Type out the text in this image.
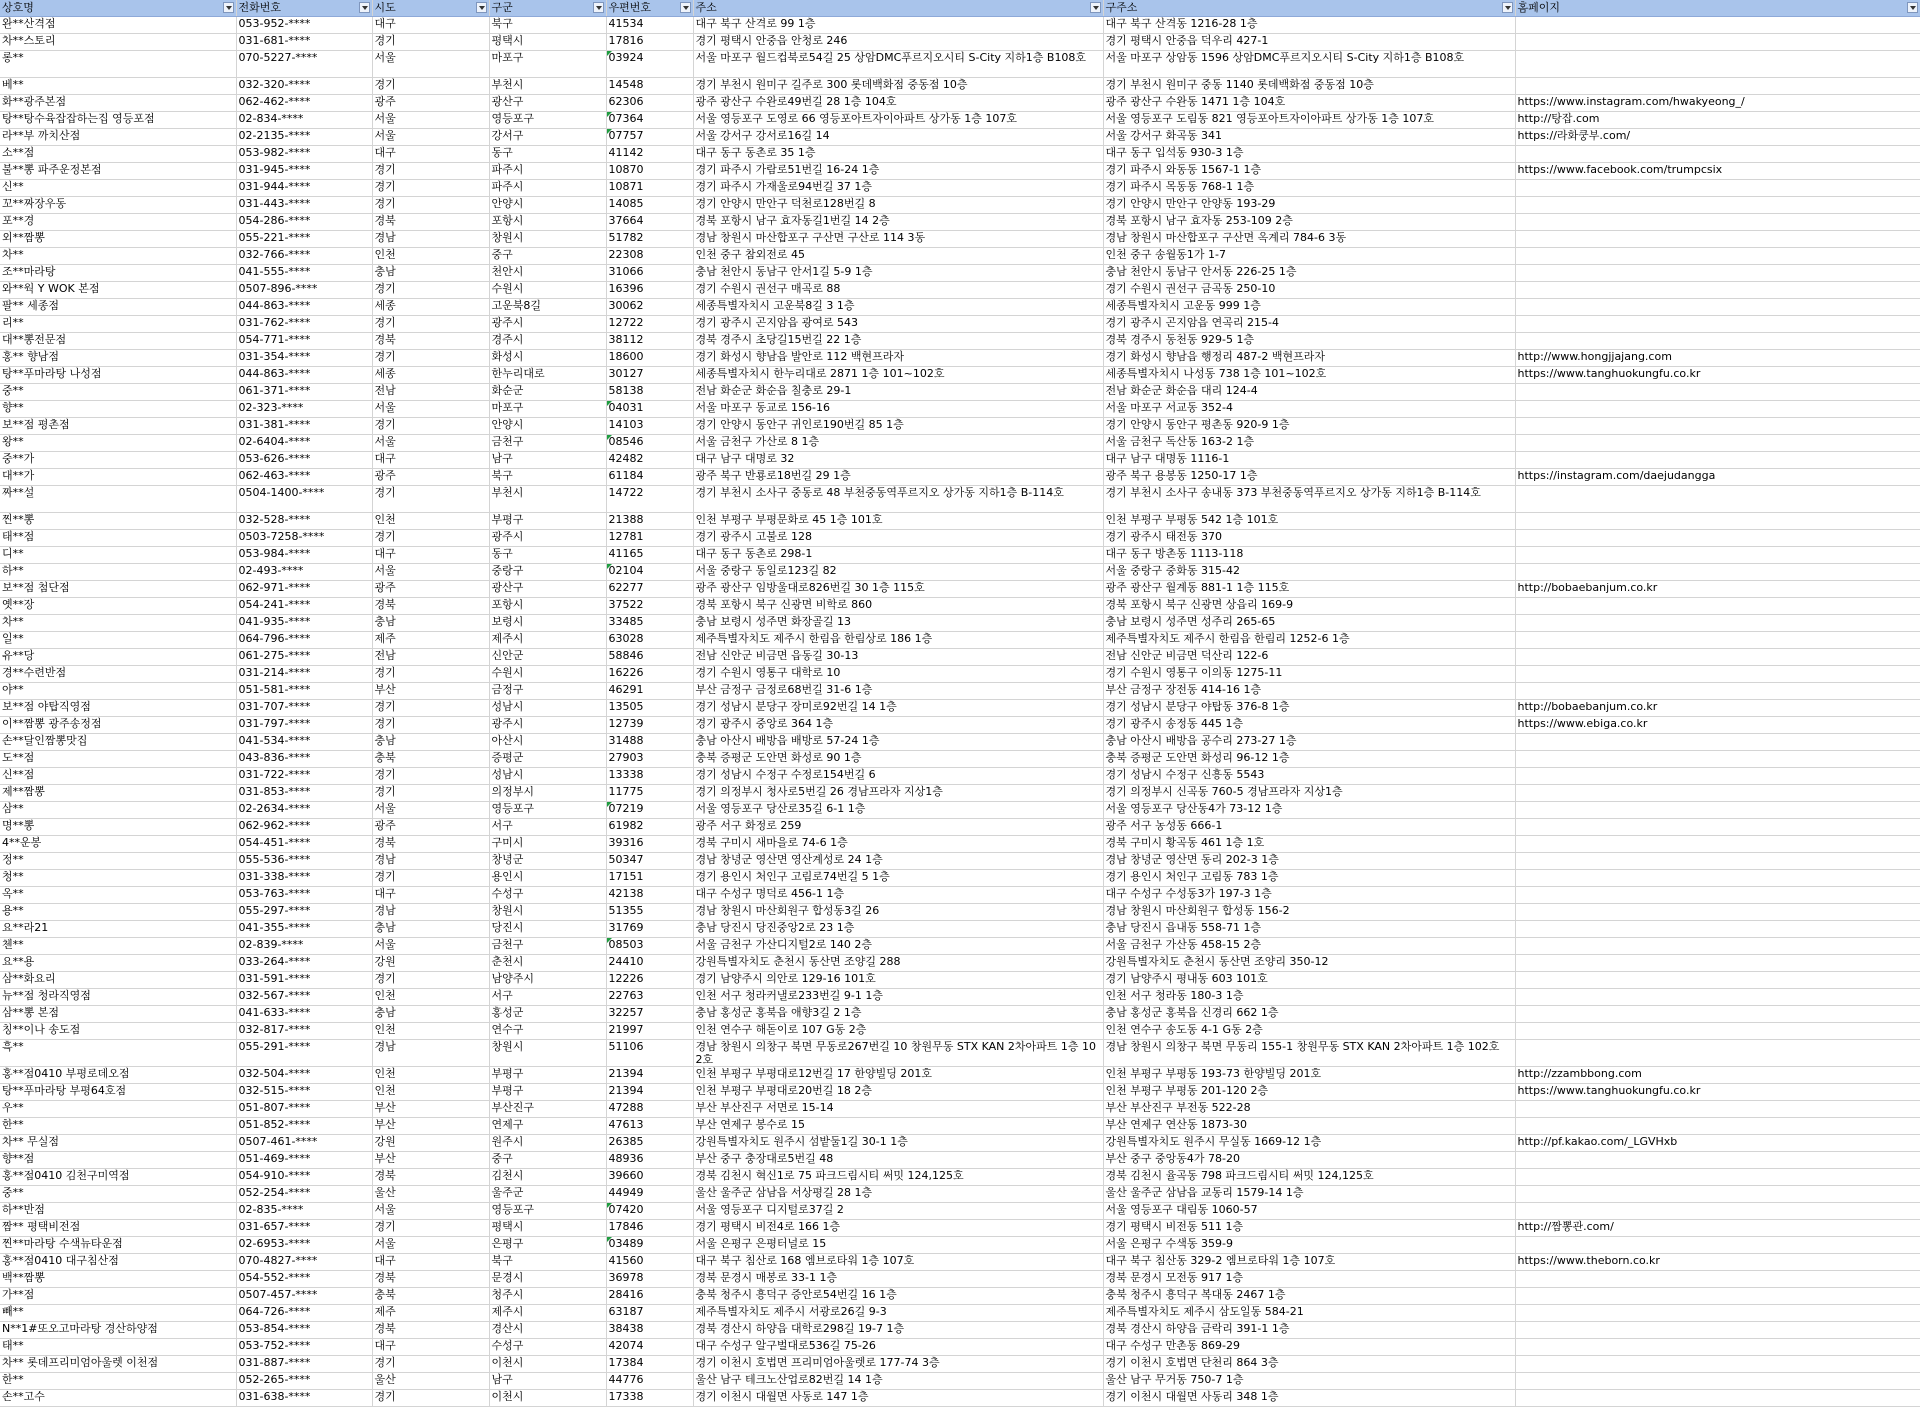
상호명	전화번호	시도	구군	우편번호	주소	구주소	홈페이지

완**산격점	053-952-****	대구	북구	41534	대구 북구 산격로 99 1층	대구 북구 산격동 1216-28 1층	
차**스토리	031-681-****	경기	평택시	17816	경기 평택시 안중읍 안청로 246	경기 평택시 안중읍 덕우리 427-1	
롱**	070-5227-****	서울	마포구	03924	서울 마포구 월드컵북로54길 25 상암DMC푸르지오시티 S-City 지하1층 B108호	서울 마포구 상암동 1596 상암DMC푸르지오시티 S-City 지하1층 B108호	
베**	032-320-****	경기	부천시	14548	경기 부천시 원미구 길주로 300 롯데백화점 중동점 10층	경기 부천시 원미구 중동 1140 롯데백화점 중동점 10층	
화**광주본점	062-462-****	광주	광산구	62306	광주 광산구 수완로49번길 28 1층 104호	광주 광산구 수완동 1471 1층 104호	https://www.instagram.com/hwakyeong_/
탕**탕수육잡잡하는집 영등포점	02-834-****	서울	영등포구	07364	서울 영등포구 도영로 66 영등포아트자이아파트 상가동 1층 107호	서울 영등포구 도림동 821 영등포아트자이아파트 상가동 1층 107호	http://탕잡.com
라**부 까치산점	02-2135-****	서울	강서구	07757	서울 강서구 강서로16길 14	서울 강서구 화곡동 341	https://라화쿵부.com/
소**점	053-982-****	대구	동구	41142	대구 동구 동촌로 35 1층	대구 동구 입석동 930-3 1층	
불**뽕 파주운정본점	031-945-****	경기	파주시	10870	경기 파주시 가람로51번길 16-24 1층	경기 파주시 와동동 1567-1 1층	https://www.facebook.com/trumpcsix
신**	031-944-****	경기	파주시	10871	경기 파주시 가재울로94번길 37 1층	경기 파주시 목동동 768-1 1층	
꼬**짜장우동	031-443-****	경기	안양시	14085	경기 안양시 만안구 덕천로128번길 8	경기 안양시 만안구 안양동 193-29	
포**경	054-286-****	경북	포항시	37664	경북 포항시 남구 효자동길1번길 14 2층	경북 포항시 남구 효자동 253-109 2층	
외**짬뽕	055-221-****	경남	창원시	51782	경남 창원시 마산합포구 구산면 구산로 114 3동	경남 창원시 마산합포구 구산면 옥계리 784-6 3동	
차**	032-766-****	인천	중구	22308	인천 중구 참외전로 45	인천 중구 송월동1가 1-7	
조**마라탕	041-555-****	충남	천안시	31066	충남 천안시 동남구 안서1길 5-9 1층	충남 천안시 동남구 안서동 226-25 1층	
와**웍 Y WOK 본점	0507-896-****	경기	수원시	16396	경기 수원시 권선구 매곡로 88	경기 수원시 권선구 금곡동 250-10	
팔** 세종점	044-863-****	세종	고운북8길	30062	세종특별자치시 고운북8길 3 1층	세종특별자치시 고운동 999 1층	
리**	031-762-****	경기	광주시	12722	경기 광주시 곤지암읍 광여로 543	경기 광주시 곤지암읍 연곡리 215-4	
대**뽕전문점	054-771-****	경북	경주시	38112	경북 경주시 초당길15번길 22 1층	경북 경주시 동천동 929-5 1층	
홍** 향남점	031-354-****	경기	화성시	18600	경기 화성시 향남읍 발안로 112 백현프라자	경기 화성시 향남읍 행정리 487-2 백현프라자	http://www.hongjjajang.com
탕**푸마라탕 나성점	044-863-****	세종	한누리대로	30127	세종특별자치시 한누리대로 2871 1층 101~102호	세종특별자치시 나성동 738 1층 101~102호	https://www.tanghuokungfu.co.kr
중**	061-371-****	전남	화순군	58138	전남 화순군 화순읍 칠충로 29-1	전남 화순군 화순읍 대리 124-4	
향**	02-323-****	서울	마포구	04031	서울 마포구 동교로 156-16	서울 마포구 서교동 352-4	
보**점 평촌점	031-381-****	경기	안양시	14103	경기 안양시 동안구 귀인로190번길 85 1층	경기 안양시 동안구 평촌동 920-9 1층	
왕**	02-6404-****	서울	금천구	08546	서울 금천구 가산로 8 1층	서울 금천구 독산동 163-2 1층	
중**가	053-626-****	대구	남구	42482	대구 남구 대명로 32	대구 남구 대명동 1116-1	
대**가	062-463-****	광주	북구	61184	광주 북구 반룡로18번길 29 1층	광주 북구 용봉동 1250-17 1층	https://instagram.com/daejudangga
짜**설	0504-1400-****	경기	부천시	14722	경기 부천시 소사구 중동로 48 부천중동역푸르지오 상가동 지하1층 B-114호	경기 부천시 소사구 송내동 373 부천중동역푸르지오 상가동 지하1층 B-114호	
찐**뽕	032-528-****	인천	부평구	21388	인천 부평구 부평문화로 45 1층 101호	인천 부평구 부평동 542 1층 101호	
태**점	0503-7258-****	경기	광주시	12781	경기 광주시 고불로 128	경기 광주시 태전동 370	
디**	053-984-****	대구	동구	41165	대구 동구 동촌로 298-1	대구 동구 방촌동 1113-118	
하**	02-493-****	서울	중랑구	02104	서울 중랑구 동일로123길 82	서울 중랑구 중화동 315-42	
보**점 첨단점	062-971-****	광주	광산구	62277	광주 광산구 임방울대로826번길 30 1층 115호	광주 광산구 월계동 881-1 1층 115호	http://bobaebanjum.co.kr
옛**장	054-241-****	경북	포항시	37522	경북 포항시 북구 신광면 비학로 860	경북 포항시 북구 신광면 상읍리 169-9	
차**	041-935-****	충남	보령시	33485	충남 보령시 성주면 화장골길 13	충남 보령시 성주면 성주리 265-65	
일**	064-796-****	제주	제주시	63028	제주특별자치도 제주시 한림읍 한림상로 186 1층	제주특별자치도 제주시 한림읍 한림리 1252-6 1층	
유**당	061-275-****	전남	신안군	58846	전남 신안군 비금면 읍동길 30-13	전남 신안군 비금면 덕산리 122-6	
경**수련반점	031-214-****	경기	수원시	16226	경기 수원시 영통구 대학로 10	경기 수원시 영통구 이의동 1275-11	
야**	051-581-****	부산	금정구	46291	부산 금정구 금정로68번길 31-6 1층	부산 금정구 장전동 414-16 1층	
보**점 야탑직영점	031-707-****	경기	성남시	13505	경기 성남시 분당구 장미로92번길 14 1층	경기 성남시 분당구 야탑동 376-8 1층	http://bobaebanjum.co.kr
이**짬뽕 광주송정점	031-797-****	경기	광주시	12739	경기 광주시 중앙로 364 1층	경기 광주시 송정동 445 1층	https://www.ebiga.co.kr
손**달인짬뽕맛집	041-534-****	충남	아산시	31488	충남 아산시 배방읍 배방로 57-24 1층	충남 아산시 배방읍 공수리 273-27 1층	
도**점	043-836-****	충북	증평군	27903	충북 증평군 도안면 화성로 90 1층	충북 증평군 도안면 화성리 96-12 1층	
신**점	031-722-****	경기	성남시	13338	경기 성남시 수정구 수정로154번길 6	경기 성남시 수정구 신흥동 5543	
제**짬뽕	031-853-****	경기	의정부시	11775	경기 의정부시 청사로5번길 26 경남프라자 지상1층	경기 의정부시 신곡동 760-5 경남프라자 지상1층	
삼**	02-2634-****	서울	영등포구	07219	서울 영등포구 당산로35길 6-1 1층	서울 영등포구 당산동4가 73-12 1층	
명**뽕	062-962-****	광주	서구	61982	광주 서구 화정로 259	광주 서구 농성동 666-1	
4**운봉	054-451-****	경북	구미시	39316	경북 구미시 새마을로 74-6 1층	경북 구미시 황곡동 461 1층 1호	
정**	055-536-****	경남	창녕군	50347	경남 창녕군 영산면 영산계성로 24 1층	경남 창녕군 영산면 동리 202-3 1층	
청**	031-338-****	경기	용인시	17151	경기 용인시 처인구 고림로74번길 5 1층	경기 용인시 처인구 고림동 783 1층	
옥**	053-763-****	대구	수성구	42138	대구 수성구 명덕로 456-1 1층	대구 수성구 수성동3가 197-3 1층	
용**	055-297-****	경남	창원시	51355	경남 창원시 마산회원구 합성동3길 26	경남 창원시 마산회원구 합성동 156-2	
요**라21	041-355-****	충남	당진시	31769	충남 당진시 당진중앙2로 23 1층	충남 당진시 읍내동 558-71 1층	
첸**	02-839-****	서울	금천구	08503	서울 금천구 가산디지털2로 140 2층	서울 금천구 가산동 458-15 2층	
요**용	033-264-****	강원	춘천시	24410	강원특별자치도 춘천시 동산면 조양길 288	강원특별자치도 춘천시 동산면 조양리 350-12	
삼**화요리	031-591-****	경기	남양주시	12226	경기 남양주시 의안로 129-16 101호	경기 남양주시 평내동 603 101호	
뉴**점 청라직영점	032-567-****	인천	서구	22763	인천 서구 청라커낼로233번길 9-1 1층	인천 서구 청라동 180-3 1층	
삼**뽕 본점	041-633-****	충남	홍성군	32257	충남 홍성군 홍북읍 애향3길 2 1층	충남 홍성군 홍북읍 신경리 662 1층	
칭**이나 송도점	032-817-****	인천	연수구	21997	인천 연수구 해돋이로 107 G동 2층	인천 연수구 송도동 4-1 G동 2층	
흑**	055-291-****	경남	창원시	51106	경남 창원시 의창구 북면 무동로267번길 10 창원무동 STX KAN 2차아파트 1층 102호	경남 창원시 의창구 북면 무동리 155-1 창원무동 STX KAN 2차아파트 1층 102호	
홍**점0410 부평로데오점	032-504-****	인천	부평구	21394	인천 부평구 부평대로12번길 17 한양빌딩 201호	인천 부평구 부평동 193-73 한양빌딩 201호	http://zzambbong.com
탕**푸마라탕 부평64호점	032-515-****	인천	부평구	21394	인천 부평구 부평대로20번길 18 2층	인천 부평구 부평동 201-120 2층	https://www.tanghuokungfu.co.kr
우**	051-807-****	부산	부산진구	47288	부산 부산진구 서면로 15-14	부산 부산진구 부전동 522-28	
한**	051-852-****	부산	연제구	47613	부산 연제구 봉수로 15	부산 연제구 연산동 1873-30	
차** 무실점	0507-461-****	강원	원주시	26385	강원특별자치도 원주시 섬밭둘1길 30-1 1층	강원특별자치도 원주시 무실동 1669-12 1층	http://pf.kakao.com/_LGVHxb
향**점	051-469-****	부산	중구	48936	부산 중구 충장대로5번길 48	부산 중구 중앙동4가 78-20	
홍**점0410 김천구미역점	054-910-****	경북	김천시	39660	경북 김천시 혁신1로 75 파크드림시티 써밋 124,125호	경북 김천시 율곡동 798 파크드림시티 써밋 124,125호	
중**	052-254-****	울산	울주군	44949	울산 울주군 삼남읍 서상평길 28 1층	울산 울주군 삼남읍 교동리 1579-14 1층	
하**반점	02-835-****	서울	영등포구	07420	서울 영등포구 디지털로37길 2	서울 영등포구 대림동 1060-57	
짬** 평택비전점	031-657-****	경기	평택시	17846	경기 평택시 비전4로 166 1층	경기 평택시 비전동 511 1층	http://짬뽕관.com/
찐**마라탕 수색뉴타운점	02-6953-****	서울	은평구	03489	서울 은평구 은평터널로 15	서울 은평구 수색동 359-9	
홍**점0410 대구침산점	070-4827-****	대구	북구	41560	대구 북구 침산로 168 엠브로타워 1층 107호	대구 북구 침산동 329-2 엠브로타워 1층 107호	https://www.theborn.co.kr
백**짬뽕	054-552-****	경북	문경시	36978	경북 문경시 매봉로 33-1 1층	경북 문경시 모전동 917 1층	
가**점	0507-457-****	충북	청주시	28416	충북 청주시 흥덕구 증안로54번길 16 1층	충북 청주시 흥덕구 복대동 2467 1층	
빼**	064-726-****	제주	제주시	63187	제주특별자치도 제주시 서광로26길 9-3	제주특별자치도 제주시 삼도일동 584-21	
N**1#또오고마라탕 경산하양점	053-854-****	경북	경산시	38438	경북 경산시 하양읍 대학로298길 19-7 1층	경북 경산시 하양읍 금락리 391-1 1층	
태**	053-752-****	대구	수성구	42074	대구 수성구 알구벌대로536길 75-26	대구 수성구 만촌동 869-29	
차** 롯데프리미엄아울렛 이천점	031-887-****	경기	이천시	17384	경기 이천시 호법면 프리미엄아울렛로 177-74 3층	경기 이천시 호법면 단천리 864 3층	
한**	052-265-****	울산	남구	44776	울산 남구 테크노산업로82번길 14 1층	울산 남구 무거동 750-7 1층	
손**고수	031-638-****	경기	이천시	17338	경기 이천시 대월면 사동로 147 1층	경기 이천시 대월면 사동리 348 1층	
